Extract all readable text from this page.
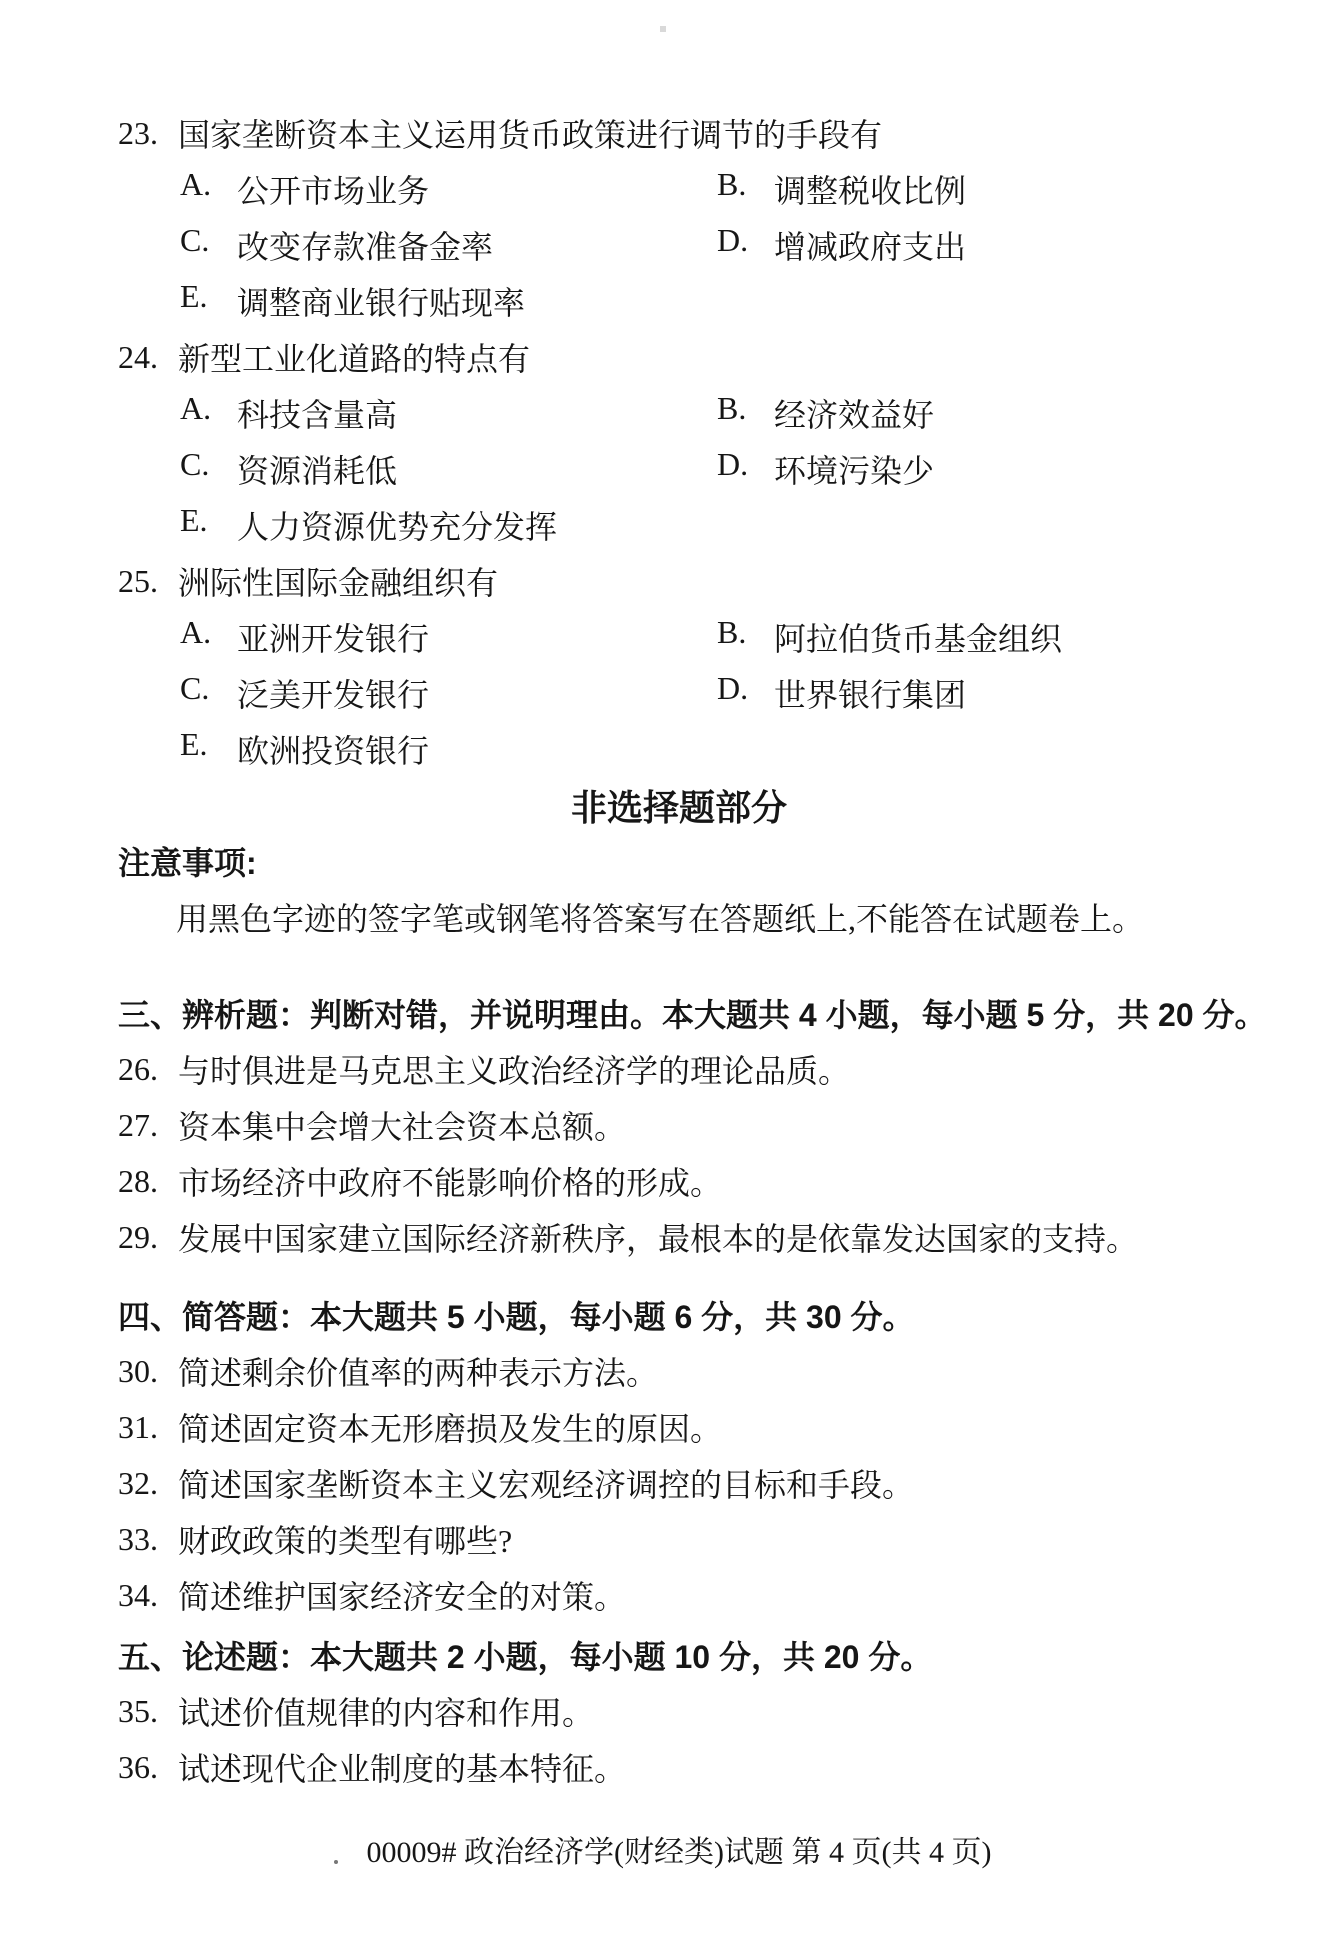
23. 国家垄断资本主义运用货币政策进行调节的手段有
A. 公开市场业务	B. 调整税收比例
C. 改变存款准备金率	D. 增减政府支出
E. 调整商业银行贴现率
24. 新型工业化道路的特点有
A. 科技含量高	B. 经济效益好
C. 资源消耗低	D. 环境污染少
E. 人力资源优势充分发挥
25. 洲际性国际金融组织有
A. 亚洲开发银行	B. 阿拉伯货币基金组织
C. 泛美开发银行	D. 世界银行集团
E. 欧洲投资银行
非选择题部分
注意事项:
用黑色字迹的签字笔或钢笔将答案写在答题纸上,不能答在试题卷上。
三、辨析题：判断对错，并说明理由。本大题共 4 小题，每小题 5 分，共 20 分。
26. 与时俱进是马克思主义政治经济学的理论品质。
27. 资本集中会增大社会资本总额。
28. 市场经济中政府不能影响价格的形成。
29. 发展中国家建立国际经济新秩序，最根本的是依靠发达国家的支持。
四、简答题：本大题共 5 小题，每小题 6 分，共 30 分。
30. 简述剩余价值率的两种表示方法。
31. 简述固定资本无形磨损及发生的原因。
32. 简述国家垄断资本主义宏观经济调控的目标和手段。
33. 财政政策的类型有哪些?
34. 简述维护国家经济安全的对策。
五、论述题：本大题共 2 小题，每小题 10 分，共 20 分。
35. 试述价值规律的内容和作用。
36. 试述现代企业制度的基本特征。
00009# 政治经济学(财经类)试题 第 4 页(共 4 页)
